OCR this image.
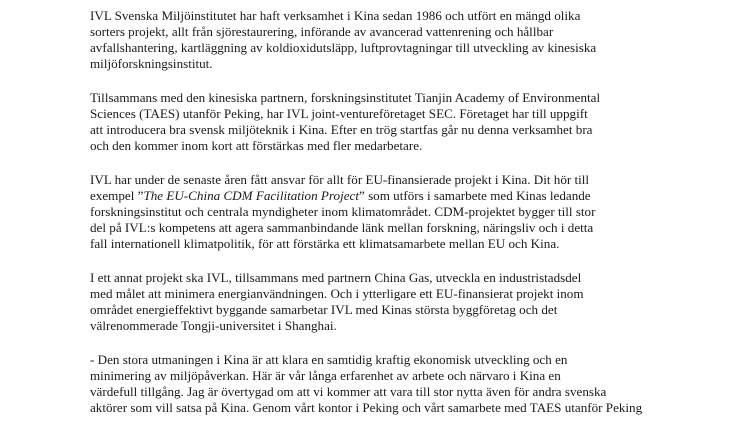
IVL Svenska Miljöinstitutet har haft verksamhet i Kina sedan 1986 och utfört en mängd olika
sorters projekt, allt från sjörestaurering, införande av avancerad vattenrening och hållbar
avfallshantering, kartläggning av koldioxidutsläpp, luftprovtagningar till utveckling av kinesiska
miljöforskningsinstitut.

Tillsammans med den kinesiska partnern, forskningsinstitutet Tianjin Academy of Environmental
Sciences (TAES) utanför Peking, har IVL joint-ventureföretaget SEC. Företaget har till uppgift
att introducera bra svensk miljöteknik i Kina. Efter en trög startfas går nu denna verksamhet bra
och den kommer inom kort att förstärkas med fler medarbetare.

IVL har under de senaste åren fått ansvar för allt för EU-finansierade projekt i Kina. Dit hör till
exempel ”The EU-China CDM Facilitation Project” som utförs i samarbete med Kinas ledande
forskningsinstitut och centrala myndigheter inom klimatområdet. CDM-projektet bygger till stor
del på IVL:s kompetens att agera sammanbindande länk mellan forskning, näringsliv och i detta
fall internationell klimatpolitik, för att förstärka ett klimatsamarbete mellan EU och Kina.

I ett annat projekt ska IVL, tillsammans med partnern China Gas, utveckla en industristadsdel
med målet att minimera energianvändningen. Och i ytterligare ett EU-finansierat projekt inom
området energieffektivt byggande samarbetar IVL med Kinas största byggföretag och det
välrenommerade Tongji-universitet i Shanghai.

- Den stora utmaningen i Kina är att klara en samtidig kraftig ekonomisk utveckling och en
minimering av miljöpåverkan. Här är vår långa erfarenhet av arbete och närvaro i Kina en
värdefull tillgång. Jag är övertygad om att vi kommer att vara till stor nytta även för andra svenska
aktörer som vill satsa på Kina. Genom vårt kontor i Peking och vårt samarbete med TAES utanför Peking
